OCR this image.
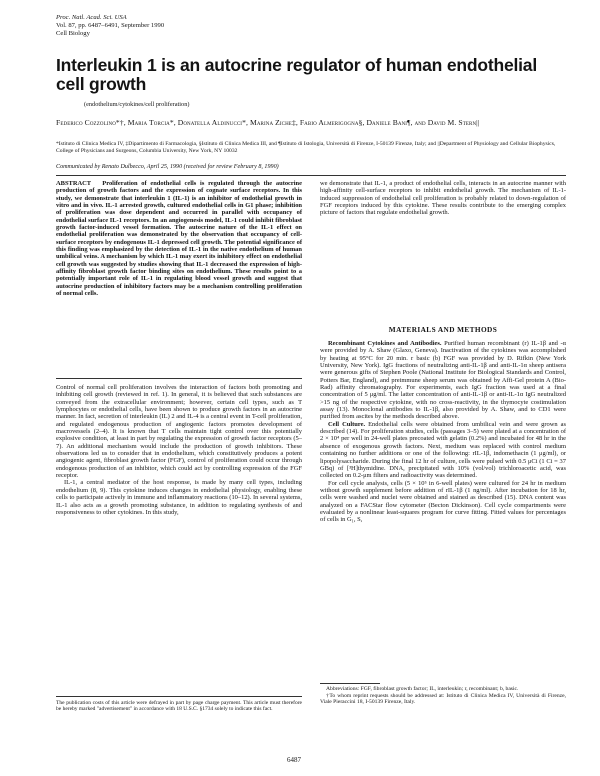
Proc. Natl. Acad. Sci. USA
Vol. 87, pp. 6487–6491, September 1990
Cell Biology
Interleukin 1 is an autocrine regulator of human endothelial cell growth
(endothelium/cytokines/cell proliferation)
Federico Cozzolino*†, Maria Torcia*, Donatella Aldinucci*, Marina Ziche‡, Fabio Almerigogna§, Daniele Bani¶, and David M. Stern||
*Istituto di Clinica Medica IV, ‡Dipartimento di Farmacologia, §Istituto di Clinica Medica III, and ¶Istituto di Istologia, Università di Firenze, I-50139 Firenze, Italy; and ||Department of Physiology and Cellular Biophysics, College of Physicians and Surgeons, Columbia University, New York, NY 10032
Communicated by Renato Dulbecco, April 25, 1990 (received for review February 8, 1990)
ABSTRACT Proliferation of endothelial cells is regulated through the autocrine production of growth factors and the expression of cognate surface receptors. In this study, we demonstrate that interleukin 1 (IL-1) is an inhibitor of endothelial growth in vitro and in vivo. IL-1 arrested growth, cultured endothelial cells in G1 phase; inhibition of proliferation was dose dependent and occurred in parallel with occupancy of endothelial surface IL-1 receptors. In an angiogenesis model, IL-1 could inhibit fibroblast growth factor-induced vessel formation. The autocrine nature of the IL-1 effect on endothelial proliferation was demonstrated by the observation that occupancy of cell-surface receptors by endogenous IL-1 depressed cell growth. The potential significance of this finding was emphasized by the detection of IL-1 in the native endothelium of human umbilical veins. A mechanism by which IL-1 may exert its inhibitory effect on endothelial cell growth was suggested by studies showing that IL-1 decreased the expression of high-affinity fibroblast growth factor binding sites on endothelium. These results point to a potentially important role of IL-1 in regulating blood vessel growth and suggest that autocrine production of inhibitory factors may be a mechanism controlling proliferation of normal cells.

Control of normal cell proliferation involves the interaction of factors both promoting and inhibiting cell growth (reviewed in ref. 1). In general, it is believed that such substances are conveyed from the extracellular environment; however, certain cell types, such as T lymphocytes or endothelial cells, have been shown to produce growth factors in an autocrine manner. In fact, secretion of interleukin (IL) 2 and IL-4 is a central event in T-cell proliferation, and regulated endogenous production of angiogenic factors promotes development of macrovessels (2–4). It is known that T cells maintain tight control over this potentially explosive condition, at least in part by regulating the expression of growth factor receptors (5–7). An additional mechanism would include the production of growth inhibitors. These observations led us to consider that in endothelium, which constitutively produces a potent angiogenic agent, fibroblast growth factor (FGF), control of proliferation could occur through endogenous production of an inhibitor, which could act by controlling expression of the FGF receptor.

IL-1, a central mediator of the host response, is made by many cell types, including endothelium (8, 9). This cytokine induces changes in endothelial physiology, enabling these cells to participate actively in immune and inflammatory reactions (10–12). In several systems, IL-1 also acts as a growth promoting substance, in addition to regulating synthesis of and responsiveness to other cytokines. In this study,

The publication costs of this article were defrayed in part by page charge payment. This article must therefore be hereby marked "advertisement" in accordance with 18 U.S.C. §1734 solely to indicate this fact.
we demonstrate that IL-1, a product of endothelial cells, interacts in an autocrine manner with high-affinity cell-surface receptors to inhibit endothelial growth. The mechanism of IL-1-induced suppression of endothelial cell proliferation is probably related to down-regulation of FGF receptors induced by this cytokine. These results contribute to the emerging complex picture of factors that regulate endothelial growth.
MATERIALS AND METHODS

Recombinant Cytokines and Antibodies. Purified human recombinant (r) IL-1β and -α were provided by A. Shaw (Glaxo, Geneva). Inactivation of the cytokines was accomplished by heating at 95°C for 20 min. r basic (b) FGF was provided by D. Rifkin (New York University, New York). IgG fractions of neutralizing anti-IL-1β and anti-IL-1α sheep antisera were generous gifts of Stephen Poole (National Institute for Biological Standards and Control, Potters Bar, England), and preimmune sheep serum was obtained by Affi-Gel protein A (Bio-Rad) affinity chromatography. For experiments, each IgG fraction was used at a final concentration of 5 μg/ml. The latter concentration of anti-IL-1β or anti-IL-1α IgG neutralized >15 ng of the respective cytokine, with no cross-reactivity, in the thymocyte costimulation assay (13). Monoclonal antibodies to IL-1β, also provided by A. Shaw, and to CD1 were purified from ascites by the methods described above.

Cell Culture. Endothelial cells were obtained from umbilical vein and were grown as described (14). For proliferation studies, cells (passages 3–5) were plated at a concentration of 2 × 10⁴ per well in 24-well plates precoated with gelatin (0.2%) and incubated for 48 hr in the absence of exogenous growth factors. Next, medium was replaced with control medium containing no further additions or one of the following: rIL-1β, indomethacin (1 μg/ml), or lipopolysaccharide. During the final 12 hr of culture, cells were pulsed with 0.5 μCi (1 Ci = 37 GBq) of [³H]thymidine. DNA, precipitated with 10% (vol/vol) trichloroacetic acid, was collected on 0.2-μm filters and radioactivity was determined.

For cell cycle analysis, cells (5 × 10⁵ in 6-well plates) were cultured for 24 hr in medium without growth supplement before addition of rIL-1β (1 ng/ml). After incubation for 18 hr, cells were washed and nuclei were obtained and stained as described (15). DNA content was analyzed on a FACStar flow cytometer (Becton Dickinson). Cell cycle compartments were evaluated by a nonlinear least-squares program for curve fitting. Fitted values for percentages of cells in G₁, S,

Abbreviations: FGF, fibroblast growth factor; IL, interleukin; r, recombinant; b, basic.
†To whom reprint requests should be addressed at: Istituto di Clinica Medica IV, Università di Firenze, Viale Pieraccini 18, I-50139 Firenze, Italy.
6487
